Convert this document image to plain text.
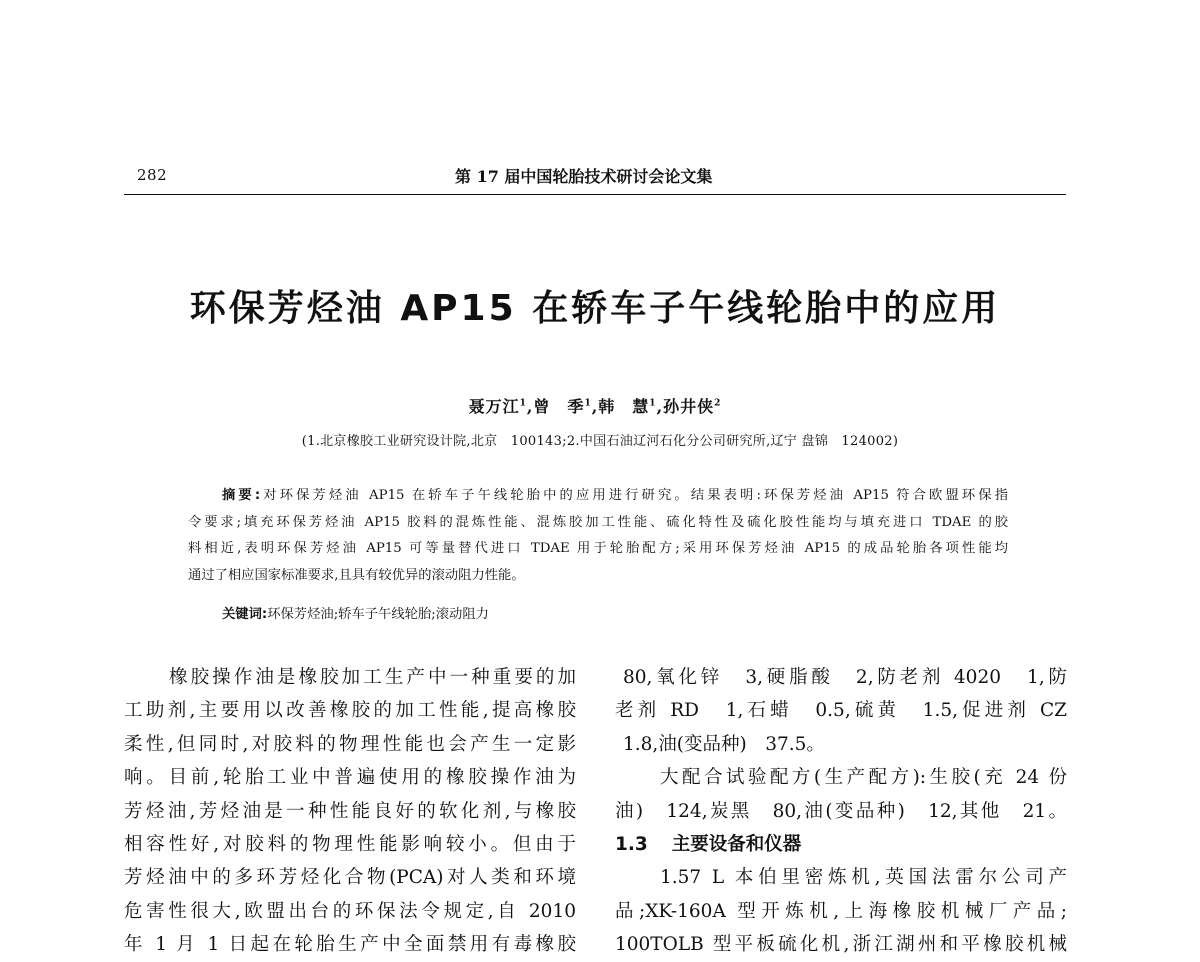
282	第 17 届中国轮胎技术研讨会论文集
环保芳烃油 AP15 在轿车子午线轮胎中的应用
聂万江$^1$,曾　季$^1$,韩　慧$^1$,孙井侠$^2$
(1.北京橡胶工业研究设计院,北京　100143;2.中国石油辽河石化分公司研究所,辽宁 盘锦　124002)
摘要:对环保芳烃油 AP15 在轿车子午线轮胎中的应用进行研究。结果表明:环保芳烃油 AP15 符合欧盟环保指
令要求;填充环保芳烃油 AP15 胶料的混炼性能、混炼胶加工性能、硫化特性及硫化胶性能均与填充进口 TDAE 的胶
料相近,表明环保芳烃油 AP15 可等量替代进口 TDAE 用于轮胎配方;采用环保芳烃油 AP15 的成品轮胎各项性能均
通过了相应国家标准要求,且具有较优异的滚动阻力性能。
关键词:环保芳烃油;轿车子午线轮胎;滚动阻力
橡胶操作油是橡胶加工生产中一种重要的加
工助剂,主要用以改善橡胶的加工性能,提高橡胶
柔性,但同时,对胶料的物理性能也会产生一定影
响。目前,轮胎工业中普遍使用的橡胶操作油为
芳烃油,芳烃油是一种性能良好的软化剂,与橡胶
相容性好,对胶料的物理性能影响较小。但由于
芳烃油中的多环芳烃化合物(PCA)对人类和环境
危害性很大,欧盟出台的环保法令规定,自 2010
年 1 月 1 日起在轮胎生产中全面禁用有毒橡胶
80,氧化锌　3,硬脂酸　2,防老剂 4020　1,防
老剂 RD　1,石蜡　0.5,硫黄　1.5,促进剂 CZ
1.8,油(变品种)　37.5。
大配合试验配方(生产配方):生胶(充 24 份
油)　124,炭黑　80,油(变品种)　12,其他　21。
1.3 主要设备和仪器
1.57 L 本伯里密炼机,英国法雷尔公司产
品;XK-160A 型开炼机,上海橡胶机械厂产品;
100TOLB 型平板硫化机,浙江湖州和平橡胶机械
